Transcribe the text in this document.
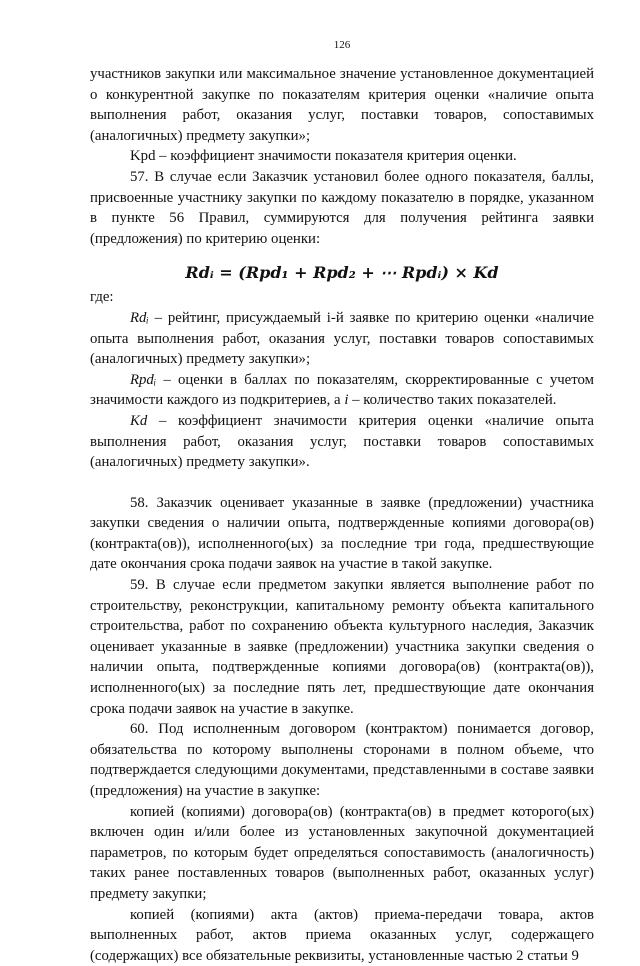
126

участников закупки или максимальное значение установленное документацией о конкурентной закупке по показателям критерия оценки «наличие опыта выполнения работ, оказания услуг, поставки товаров, сопоставимых (аналогичных) предмету закупки»;

Kpd – коэффициент значимости показателя критерия оценки.

57. В случае если Заказчик установил более одного показателя, баллы, присвоенные участнику закупки по каждому показателю в порядке, указанном в пункте 56 Правил, суммируются для получения рейтинга заявки (предложения) по критерию оценки:

Rdᵢ = (Rpd₁ + Rpd₂ + ⋯ Rpdᵢ) × Kd

где:

Rdᵢ – рейтинг, присуждаемый i-й заявке по критерию оценки «наличие опыта выполнения работ, оказания услуг, поставки товаров сопоставимых (аналогичных) предмету закупки»;

Rpdᵢ – оценки в баллах по показателям, скорректированные с учетом значимости каждого из подкритериев, а i – количество таких показателей.

Kd – коэффициент значимости критерия оценки «наличие опыта выполнения работ, оказания услуг, поставки товаров сопоставимых (аналогичных) предмету закупки».

58. Заказчик оценивает указанные в заявке (предложении) участника закупки сведения о наличии опыта, подтвержденные копиями договора(ов) (контракта(ов)), исполненного(ых) за последние три года, предшествующие дате окончания срока подачи заявок на участие в такой закупке.

59. В случае если предметом закупки является выполнение работ по строительству, реконструкции, капитальному ремонту объекта капитального строительства, работ по сохранению объекта культурного наследия, Заказчик оценивает указанные в заявке (предложении) участника закупки сведения о наличии опыта, подтвержденные копиями договора(ов) (контракта(ов)), исполненного(ых) за последние пять лет, предшествующие дате окончания срока подачи заявок на участие в закупке.

60. Под исполненным договором (контрактом) понимается договор, обязательства по которому выполнены сторонами в полном объеме, что подтверждается следующими документами, представленными в составе заявки (предложения) на участие в закупке:

копией (копиями) договора(ов) (контракта(ов) в предмет которого(ых) включен один и/или более из установленных закупочной документацией параметров, по которым будет определяться сопоставимость (аналогичность) таких ранее поставленных товаров (выполненных работ, оказанных услуг) предмету закупки;

копией (копиями) акта (актов) приема-передачи товара, актов выполненных работ, актов приема оказанных услуг, содержащего (содержащих) все обязательные реквизиты, установленные частью 2 статьи 9
